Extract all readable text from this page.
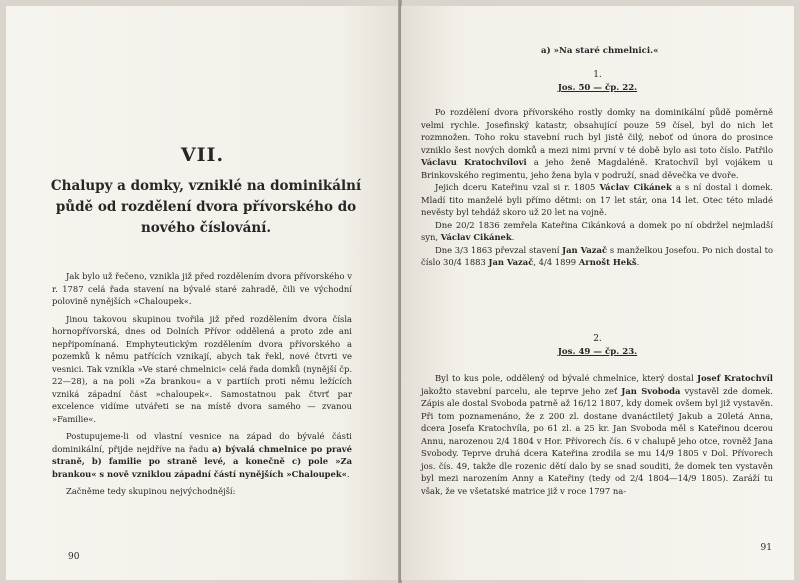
VII.
Chalupy a domky, vzniklé na dominikální
půdě od rozdělení dvora přívorského do
nového číslování.

Jak bylo už řečeno, vznikla již před rozdělením dvora přívorského v r. 1787 celá řada stavení na bývalé staré zahradě, čili ve východní polovině nynějších »Chaloupek«.

Jinou takovou skupinou tvořila již před rozdělením dvora čísla hornopřívorská, dnes od Dolních Přívor oddělená a proto zde ani nepřipomínaná. Emphyteutickým rozdělením dvora přívorského a pozemků k němu patřících vznikají, abych tak řekl, nové čtvrti ve vesnici. Tak vznikla »Ve staré chmelnici« celá řada domků (nynější čp. 22—28), a na poli »Za brankou« a v partiích proti němu ležících vzniká západní část »chaloupek«. Samostatnou pak čtvrť par excelence vidíme utvářeti se na místě dvora samého — zvanou »Familie«.

Postupujeme-li od vlastní vesnice na západ do bývalé části dominikální, přijde nejdříve na řadu a) bývalá chmelnice po pravé straně, b) familie po straně levé, a konečně c) pole »Za brankou« s nově vzniklou západní částí nynějších »Chaloupek«.

Začněme tedy skupinou nejvýchodnější:

90
a) »Na staré chmelnici.«
1.
Jos. 50 — čp. 22.

Po rozdělení dvora přívorského rostly domky na dominikální půdě poměrně velmi rychle. Josefinský katastr, obsahující pouze 59 čísel, byl do nich let rozmnožen. Toho roku stavební ruch byl jistě čilý, neboť od února do prosince vzniklo šest nových domků a mezi nimi první v té době bylo asi toto číslo. Patřilo Václavu Kratochvílovi a jeho ženě Magdaléně. Kratochvíl byl vojákem u Brinkovského regimentu, jeho žena byla v podruží, snad děvečka ve dvoře.

Jejich dceru Kateřinu vzal si r. 1805 Václav Cikánek a s ní dostal i domek. Mladí tito manželé byli přímo dětmi: on 17 let stár, ona 14 let. Otec této mladé nevěsty byl tehdáž skoro už 20 let na vojně.

Dne 20/2 1836 zemřela Kateřina Cikánková a domek po ní obdržel nejmladší syn, Václav Cikánek.

Dne 3/3 1863 převzal stavení Jan Vazač s manželkou Josefou. Po nich dostal to číslo 30/4 1883 Jan Vazač, 4/4 1899 Arnošt Hekš.

2.
Jos. 49 — čp. 23.

Byl to kus pole, oddělený od bývalé chmelnice, který dostal Josef Kratochvíl jakožto stavební parcelu, ale teprve jeho zeť Jan Svoboda vystavěl zde domek. Zápis ale dostal Svoboda patrně až 16/12 1807, kdy domek ovšem byl již vystavěn. Při tom poznamenáno, že z 200 zl. dostane dvanáctiletý Jakub a 20letá Anna, dcera Josefa Kratochvíla, po 61 zl. a 25 kr. Jan Svoboda měl s Kateřinou dcerou Annu, narozenou 2/4 1804 v Hor. Přívorech čís. 6 v chalupě jeho otce, rovněž Jana Svobody. Teprve druhá dcera Kateřina zrodila se mu 14/9 1805 v Dol. Přívorech jos. čís. 49, takže dle rozenic dětí dalo by se snad souditi, že domek ten vystavěn byl mezi narozením Anny a Kateřiny (tedy od 2/4 1804—14/9 1805). Zaráží tu však, že ve všetatské matrice již v roce 1797 na-

91
